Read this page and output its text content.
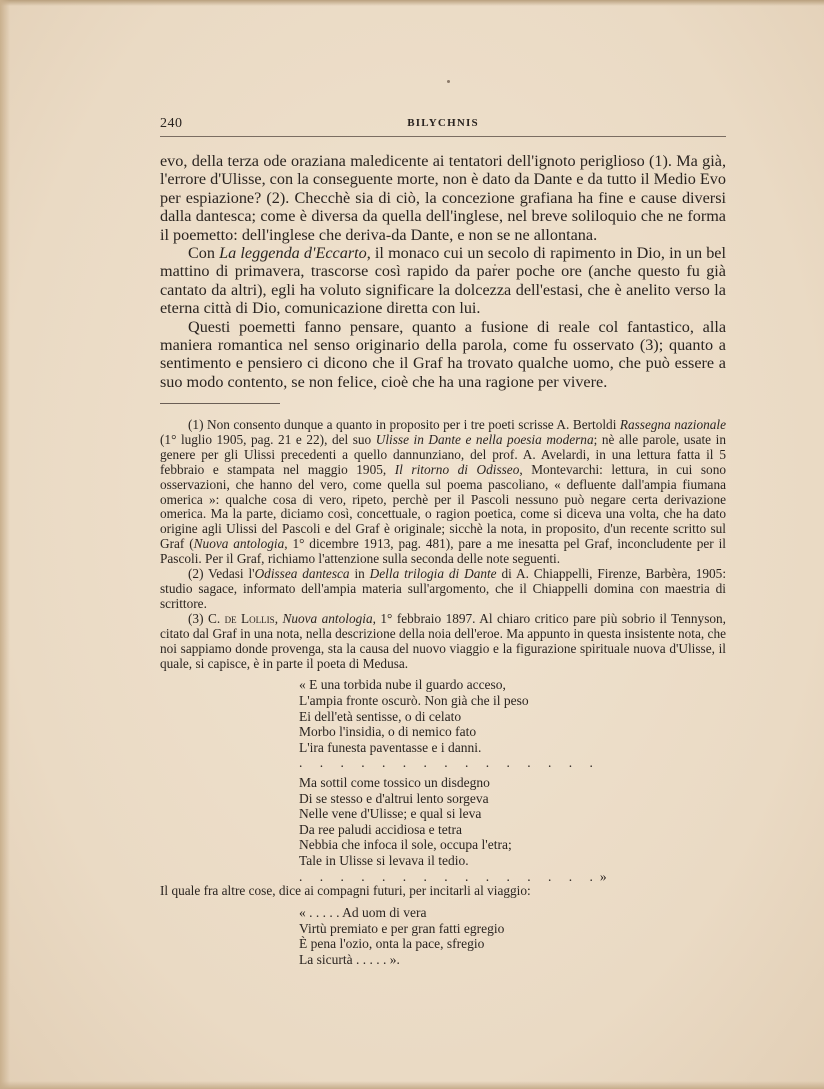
240	BILYCHNIS

evo, della terza ode oraziana maledicente ai tentatori dell'ignoto periglioso (1). Ma già, l'errore d'Ulisse, con la conseguente morte, non è dato da Dante e da tutto il Medio Evo per espiazione? (2). Checchè sia di ciò, la concezione grafiana ha fine e cause diversi dalla dantesca; come è diversa da quella dell'inglese, nel breve soliloquio che ne forma il poemetto: dell'inglese che deriva-da Dante, e non se ne allontana.

Con La leggenda d'Eccarto, il monaco cui un secolo di rapimento in Dio, in un bel mattino di primavera, trascorse così rapido da parer poche ore (anche questo fu già cantato da altri), egli ha voluto significare la dolcezza dell'estasi, che è anelito verso la eterna città di Dio, comunicazione diretta con lui.

Questi poemetti fanno pensare, quanto a fusione di reale col fantastico, alla maniera romantica nel senso originario della parola, come fu osservato (3); quanto a sentimento e pensiero ci dicono che il Graf ha trovato qualche uomo, che può essere a suo modo contento, se non felice, cioè che ha una ragione per vivere.

(1) Non consento dunque a quanto in proposito per i tre poeti scrisse A. Bertoldi Rassegna nazionale (1° luglio 1905, pag. 21 e 22), del suo Ulisse in Dante e nella poesia moderna; nè alle parole, usate in genere per gli Ulissi precedenti a quello dannunziano, del prof. A. Avelardi, in una lettura fatta il 5 febbraio e stampata nel maggio 1905, Il ritorno di Odisseo, Montevarchi: lettura, in cui sono osservazioni, che hanno del vero, come quella sul poema pascoliano, « defluente dall'ampia fiumana omerica »: qualche cosa di vero, ripeto, perchè per il Pascoli nessuno può negare certa derivazione omerica. Ma la parte, diciamo così, concettuale, o ragion poetica, come si diceva una volta, che ha dato origine agli Ulissi del Pascoli e del Graf è originale; sicchè la nota, in proposito, d'un recente scritto sul Graf (Nuova antologia, 1° dicembre 1913, pag. 481), pare a me inesatta pel Graf, inconcludente per il Pascoli. Per il Graf, richiamo l'attenzione sulla seconda delle note seguenti.

(2) Vedasi l'Odissea dantesca in Della trilogia di Dante di A. Chiappelli, Firenze, Barbèra, 1905: studio sagace, informato dell'ampia materia sull'argomento, che il Chiappelli domina con maestria di scrittore.

(3) C. de Lollis, Nuova antologia, 1° febbraio 1897. Al chiaro critico pare più sobrio il Tennyson, citato dal Graf in una nota, nella descrizione della noia dell'eroe. Ma appunto in questa insistente nota, che noi sappiamo donde provenga, sta la causa del nuovo viaggio e la figurazione spirituale nuova d'Ulisse, il quale, si capisce, è in parte il poeta di Medusa.

« E una torbida nube il guardo acceso,
L'ampia fronte oscurò. Non già che il peso
Ei dell'età sentisse, o di celato
Morbo l'insidia, o di nemico fato
L'ira funesta paventasse e i danni.
. . . . . . . . . . . . . . .
Ma sottil come tossico un disdegno
Di se stesso e d'altrui lento sorgeva
Nelle vene d'Ulisse; e qual si leva
Da ree paludi accidiosa e tetra
Nebbia che infoca il sole, occupa l'etra;
Tale in Ulisse si levava il tedio.
. . . . . . . . . . . . . . .»

Il quale fra altre cose, dice ai compagni futuri, per incitarli al viaggio:

« . . . . . Ad uom di vera
Virtù premiato e per gran fatti egregio
È pena l'ozio, onta la pace, sfregio
La sicurtà . . . . . ».
